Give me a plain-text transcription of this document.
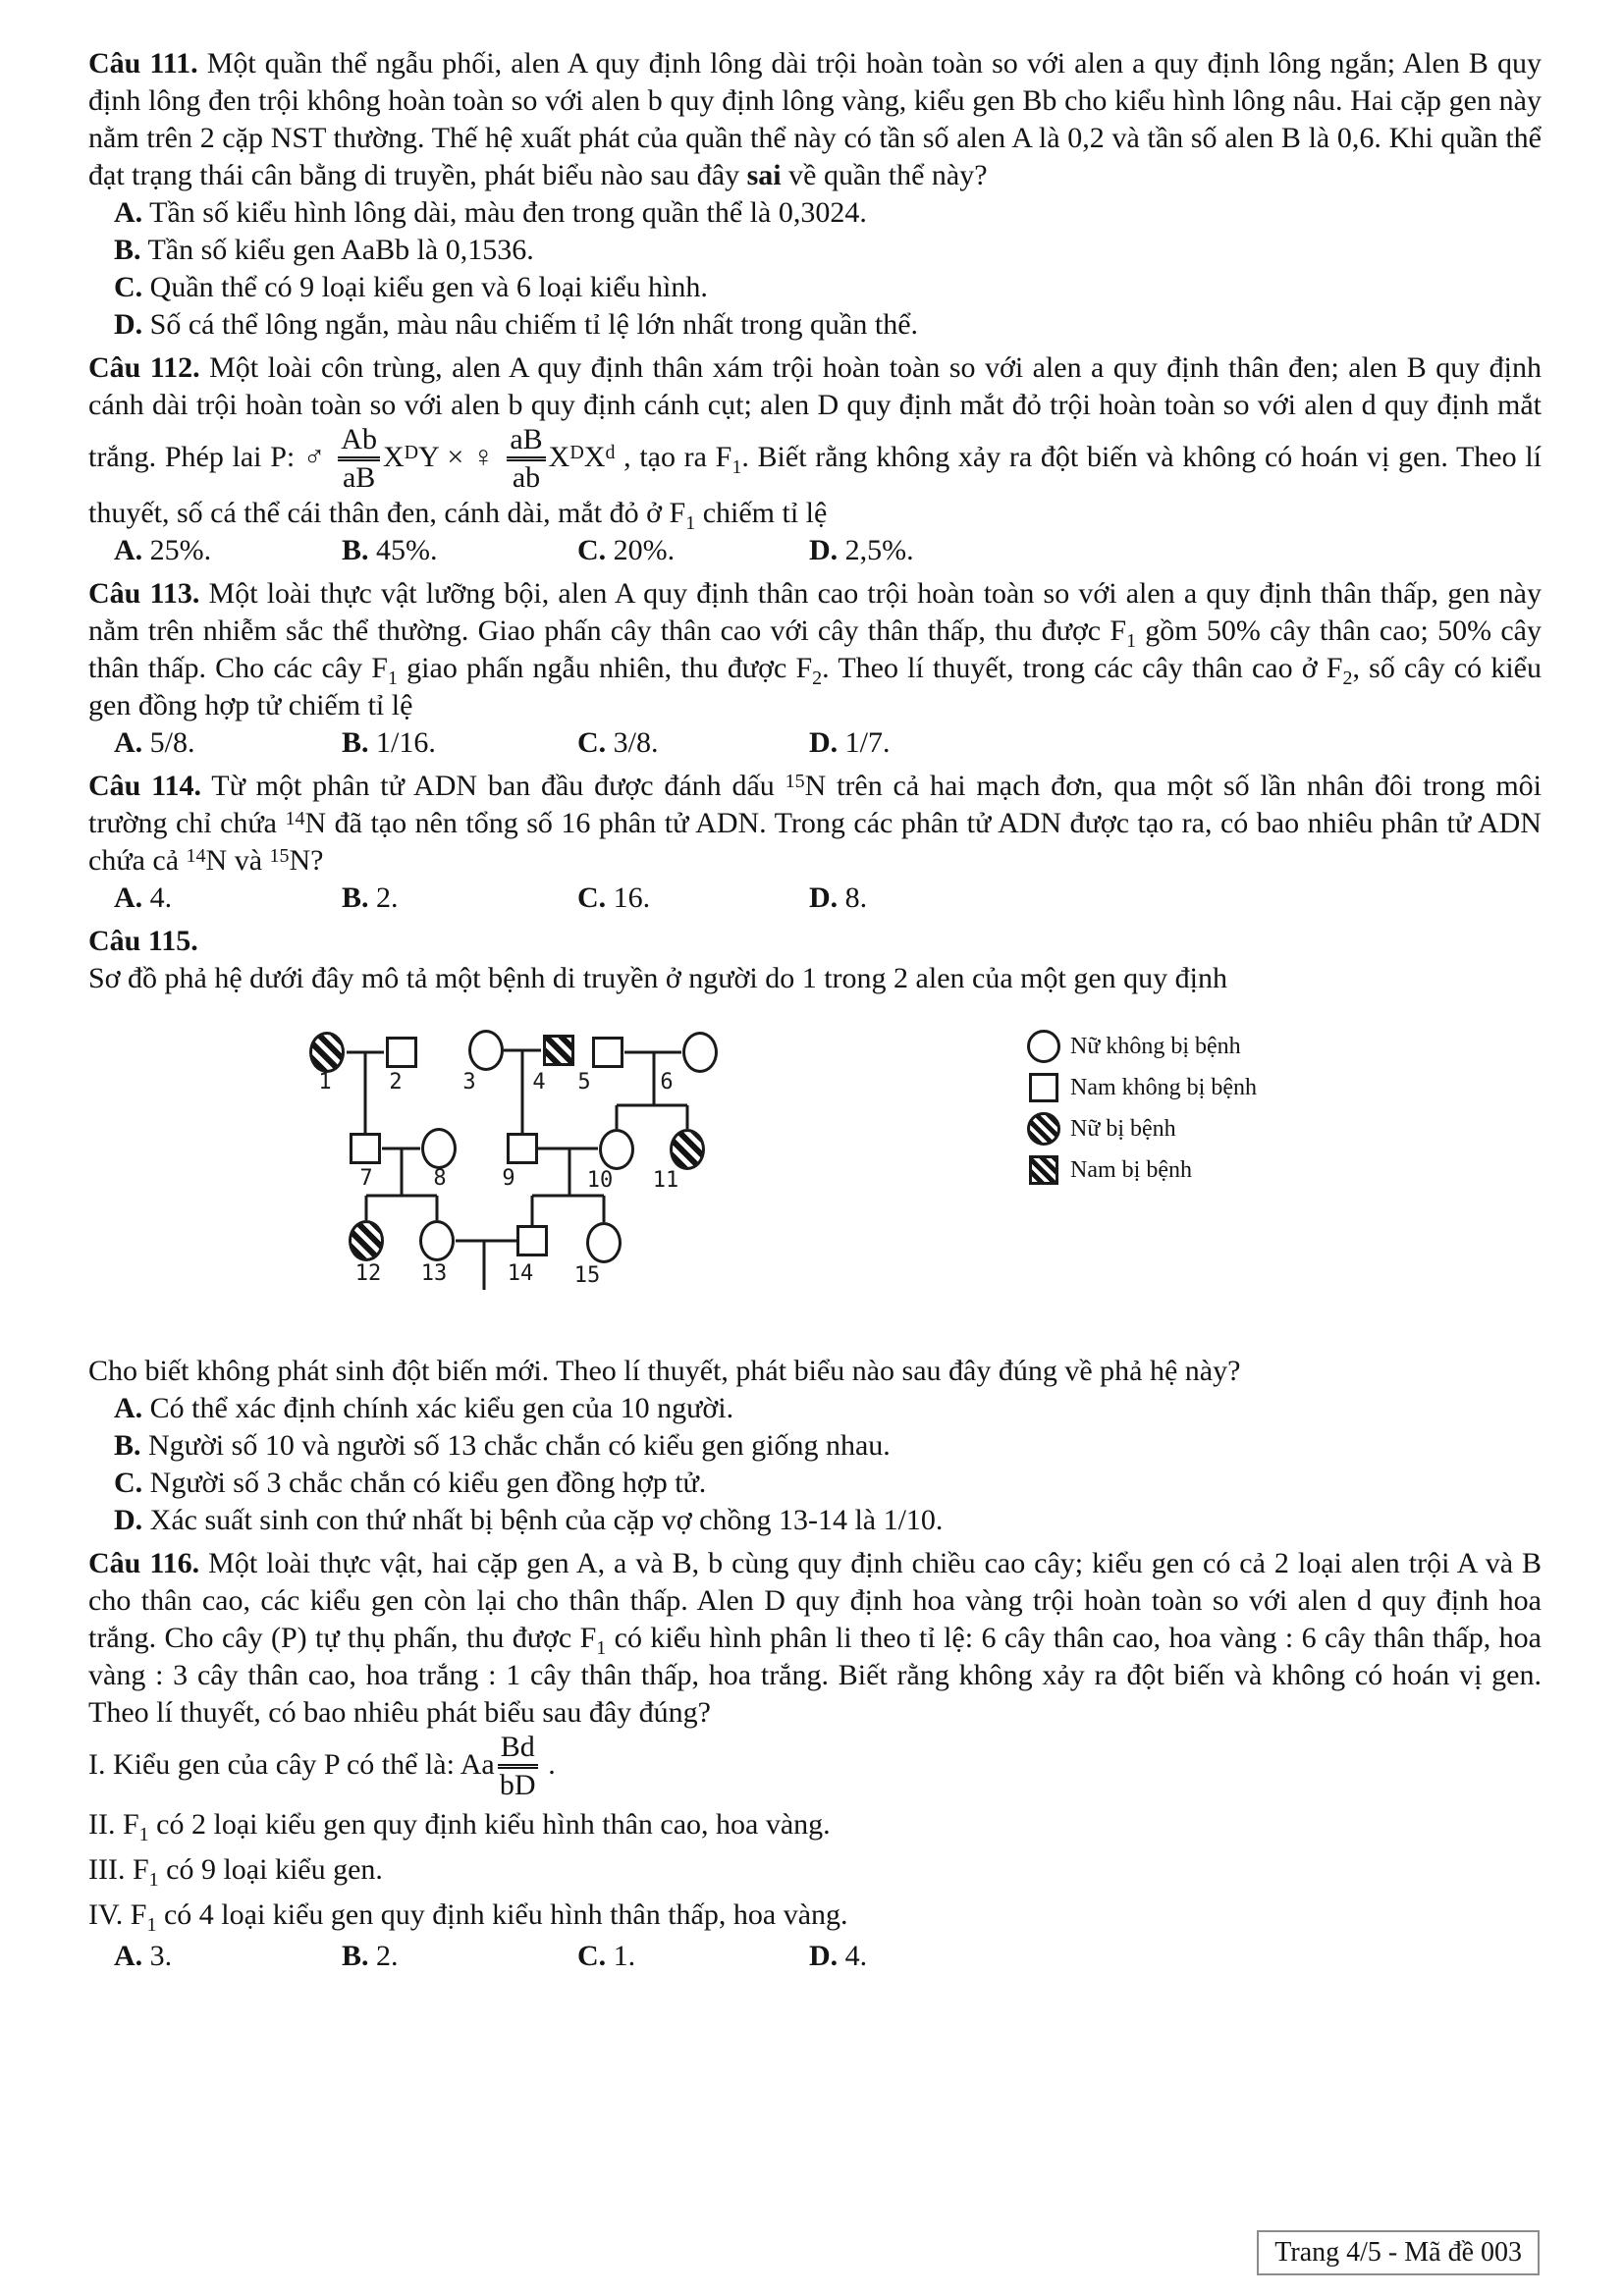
Câu 111. Một quần thể ngẫu phối, alen A quy định lông dài trội hoàn toàn so với alen a quy định lông ngắn; Alen B quy định lông đen trội không hoàn toàn so với alen b quy định lông vàng, kiểu gen Bb cho kiểu hình lông nâu. Hai cặp gen này nằm trên 2 cặp NST thường. Thế hệ xuất phát của quần thể này có tần số alen A là 0,2 và tần số alen B là 0,6. Khi quần thể đạt trạng thái cân bằng di truyền, phát biểu nào sau đây sai về quần thể này?

A. Tần số kiểu hình lông dài, màu đen trong quần thể là 0,3024.
B. Tần số kiểu gen AaBb là 0,1536.
C. Quần thể có 9 loại kiểu gen và 6 loại kiểu hình.
D. Số cá thể lông ngắn, màu nâu chiếm tỉ lệ lớn nhất trong quần thể.

Câu 112. Một loài côn trùng, alen A quy định thân xám trội hoàn toàn so với alen a quy định thân đen; alen B quy định cánh dài trội hoàn toàn so với alen b quy định cánh cụt; alen D quy định mắt đỏ trội hoàn toàn so với alen d quy định mắt trắng. Phép lai P: ♂ $\frac{Ab}{aB} X^DY$ × ♀ $\frac{aB}{ab} X^DX^d$ , tạo ra $F_1$. Biết rằng không xảy ra đột biến và không có hoán vị gen. Theo lí thuyết, số cá thể cái thân đen, cánh dài, mắt đỏ ở $F_1$ chiếm tỉ lệ

A. 25%.	B. 45%.	C. 20%.	D. 2,5%.

Câu 113. Một loài thực vật lưỡng bội, alen A quy định thân cao trội hoàn toàn so với alen a quy định thân thấp, gen này nằm trên nhiễm sắc thể thường. Giao phấn cây thân cao với cây thân thấp, thu được $F_1$ gồm 50% cây thân cao; 50% cây thân thấp. Cho các cây $F_1$ giao phấn ngẫu nhiên, thu được $F_2$. Theo lí thuyết, trong các cây thân cao ở $F_2$, số cây có kiểu gen đồng hợp tử chiếm tỉ lệ

A. 5/8.	B. 1/16.	C. 3/8.	D. 1/7.

Câu 114. Từ một phân tử ADN ban đầu được đánh dấu $^{15}$N trên cả hai mạch đơn, qua một số lần nhân đôi trong môi trường chỉ chứa $^{14}$N đã tạo nên tổng số 16 phân tử ADN. Trong các phân tử ADN được tạo ra, có bao nhiêu phân tử ADN chứa cả $^{14}$N và $^{15}$N?

A. 4.	B. 2.	C. 16.	D. 8.

Câu 115.

Sơ đồ phả hệ dưới đây mô tả một bệnh di truyền ở người do 1 trong 2 alen của một gen quy định

Nữ không bị bệnh
Nam không bị bệnh
Nữ bị bệnh
Nam bị bệnh
1	2	3	4 5	6
7	8	9	10 11
12 13	14 15

Cho biết không phát sinh đột biến mới. Theo lí thuyết, phát biểu nào sau đây đúng về phả hệ này?

A. Có thể xác định chính xác kiểu gen của 10 người.
B. Người số 10 và người số 13 chắc chắn có kiểu gen giống nhau.
C. Người số 3 chắc chắn có kiểu gen đồng hợp tử.
D. Xác suất sinh con thứ nhất bị bệnh của cặp vợ chồng 13-14 là 1/10.

Câu 116. Một loài thực vật, hai cặp gen A, a và B, b cùng quy định chiều cao cây; kiểu gen có cả 2 loại alen trội A và B cho thân cao, các kiểu gen còn lại cho thân thấp. Alen D quy định hoa vàng trội hoàn toàn so với alen d quy định hoa trắng. Cho cây (P) tự thụ phấn, thu được $F_1$ có kiểu hình phân li theo tỉ lệ: 6 cây thân cao, hoa vàng : 6 cây thân thấp, hoa vàng : 3 cây thân cao, hoa trắng : 1 cây thân thấp, hoa trắng. Biết rằng không xảy ra đột biến và không có hoán vị gen. Theo lí thuyết, có bao nhiêu phát biểu sau đây đúng?

I. Kiểu gen của cây P có thể là: Aa $\frac{Bd}{bD}$ .
II. $F_1$ có 2 loại kiểu gen quy định kiểu hình thân cao, hoa vàng.
III. $F_1$ có 9 loại kiểu gen.
IV. $F_1$ có 4 loại kiểu gen quy định kiểu hình thân thấp, hoa vàng.
A. 3.	B. 2.	C. 1.	D. 4.
Trang 4/5 - Mã đề 003
